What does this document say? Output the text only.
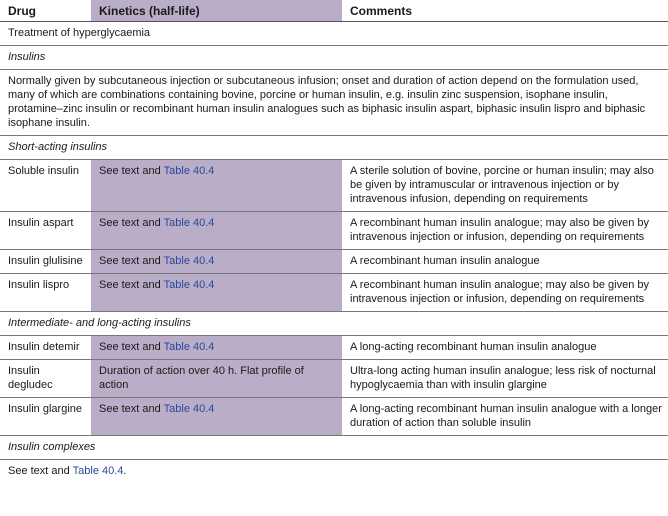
Drug	Kinetics (half-life)	Comments
Treatment of hyperglycaemia		
Insulins		
Normally given by subcutaneous injection or subcutaneous infusion; onset and duration of action depend on the formulation used, many of which are combinations containing bovine, porcine or human insulin, e.g. insulin zinc suspension, isophane insulin, protamine–zinc insulin or recombinant human insulin analogues such as biphasic insulin aspart, biphasic insulin lispro and biphasic isophane insulin.		
Short-acting insulins		
Soluble insulin	See text and Table 40.4	A sterile solution of bovine, porcine or human insulin; may also be given by intramuscular or intravenous injection or by intravenous infusion, depending on requirements
Insulin aspart	See text and Table 40.4	A recombinant human insulin analogue; may also be given by intravenous injection or infusion, depending on requirements
Insulin glulisine	See text and Table 40.4	A recombinant human insulin analogue
Insulin lispro	See text and Table 40.4	A recombinant human insulin analogue; may also be given by intravenous injection or infusion, depending on requirements
Intermediate- and long-acting insulins		
Insulin detemir	See text and Table 40.4	A long-acting recombinant human insulin analogue
Insulin degludec	Duration of action over 40 h. Flat profile of action	Ultra-long acting human insulin analogue; less risk of nocturnal hypoglycaemia than with insulin glargine
Insulin glargine	See text and Table 40.4	A long-acting recombinant human insulin analogue with a longer duration of action than soluble insulin
Insulin complexes		
See text and Table 40.4.		
